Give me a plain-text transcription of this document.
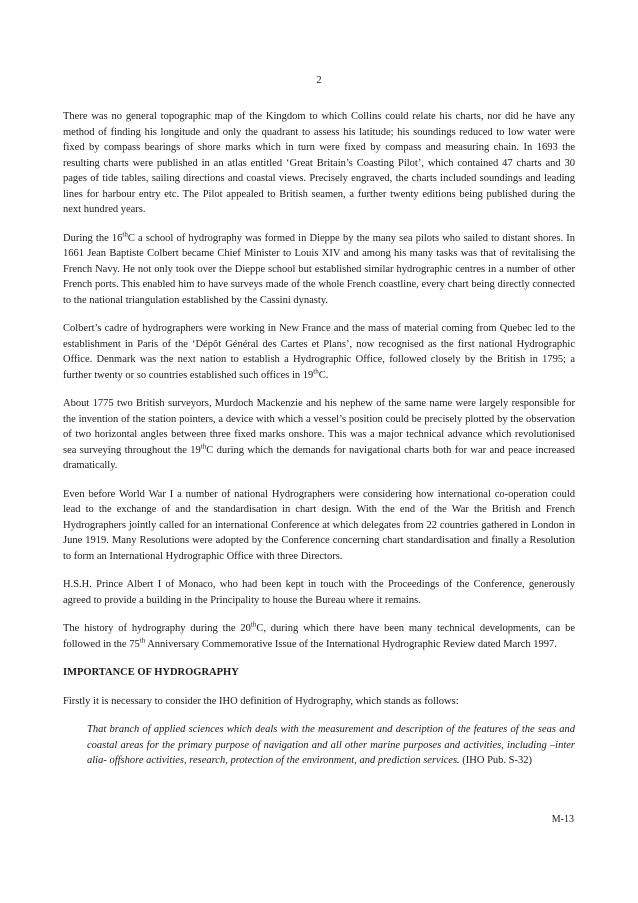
2

There was no general topographic map of the Kingdom to which Collins could relate his charts, nor did he have any method of finding his longitude and only the quadrant to assess his latitude; his soundings reduced to low water were fixed by compass bearings of shore marks which in turn were fixed by compass and measuring chain. In 1693 the resulting charts were published in an atlas entitled ‘Great Britain’s Coasting Pilot’, which contained 47 charts and 30 pages of tide tables, sailing directions and coastal views. Precisely engraved, the charts included soundings and leading lines for harbour entry etc. The Pilot appealed to British seamen, a further twenty editions being published during the next hundred years.

During the 16thC a school of hydrography was formed in Dieppe by the many sea pilots who sailed to distant shores. In 1661 Jean Baptiste Colbert became Chief Minister to Louis XIV and among his many tasks was that of revitalising the French Navy. He not only took over the Dieppe school but established similar hydrographic centres in a number of other French ports. This enabled him to have surveys made of the whole French coastline, every chart being directly connected to the national triangulation established by the Cassini dynasty.

Colbert’s cadre of hydrographers were working in New France and the mass of material coming from Quebec led to the establishment in Paris of the ‘Dépôt Général des Cartes et Plans’, now recognised as the first national Hydrographic Office. Denmark was the next nation to establish a Hydrographic Office, followed closely by the British in 1795; a further twenty or so countries established such offices in 19thC.

About 1775 two British surveyors, Murdoch Mackenzie and his nephew of the same name were largely responsible for the invention of the station pointers, a device with which a vessel’s position could be precisely plotted by the observation of two horizontal angles between three fixed marks onshore. This was a major technical advance which revolutionised sea surveying throughout the 19thC during which the demands for navigational charts both for war and peace increased dramatically.

Even before World War I a number of national Hydrographers were considering how international co-operation could lead to the exchange of and the standardisation in chart design. With the end of the War the British and French Hydrographers jointly called for an international Conference at which delegates from 22 countries gathered in London in June 1919. Many Resolutions were adopted by the Conference concerning chart standardisation and finally a Resolution to form an International Hydrographic Office with three Directors.

H.S.H. Prince Albert I of Monaco, who had been kept in touch with the Proceedings of the Conference, generously agreed to provide a building in the Principality to house the Bureau where it remains.

The history of hydrography during the 20thC, during which there have been many technical developments, can be followed in the 75th Anniversary Commemorative Issue of the International Hydrographic Review dated March 1997.

IMPORTANCE OF HYDROGRAPHY

Firstly it is necessary to consider the IHO definition of Hydrography, which stands as follows:

That branch of applied sciences which deals with the measurement and description of the features of the seas and coastal areas for the primary purpose of navigation and all other marine purposes and activities, including –inter alia- offshore activities, research, protection of the environment, and prediction services. (IHO Pub. S-32)

M-13
